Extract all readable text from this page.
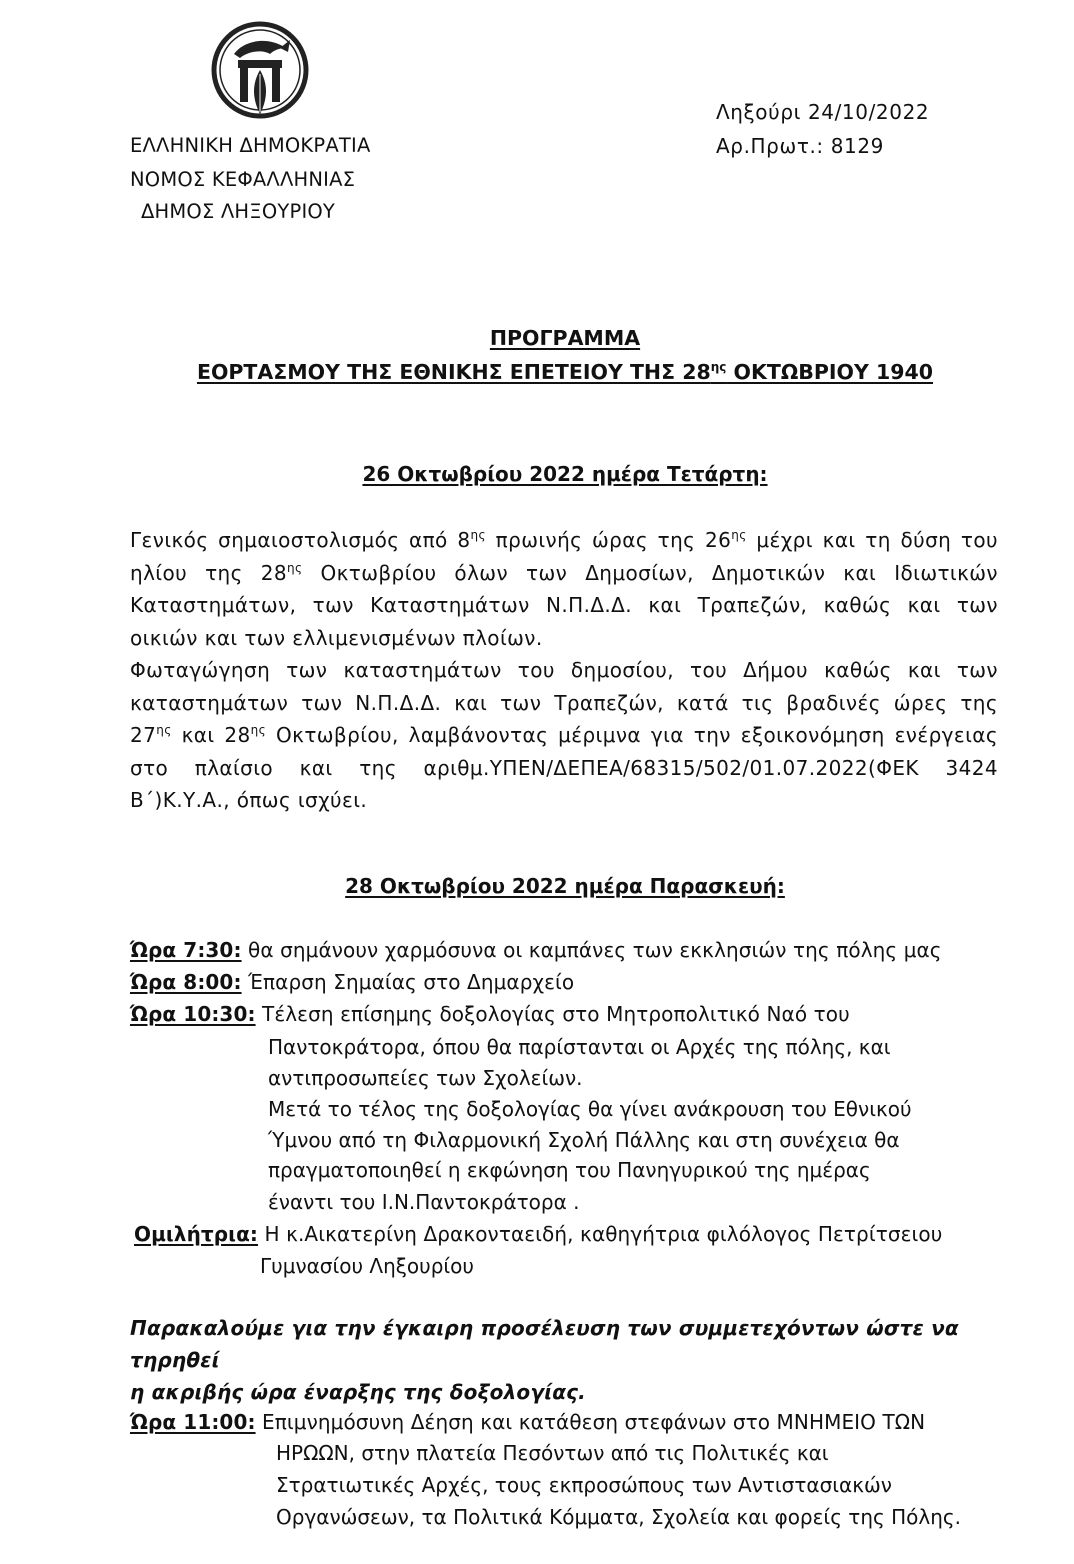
ΕΛΛΗΝΙΚΗ ΔΗΜΟΚΡΑΤΙΑ
ΝΟΜΟΣ ΚΕΦΑΛΛΗΝΙΑΣ
ΔΗΜΟΣ ΛΗΞΟΥΡΙΟΥ
Ληξούρι 24/10/2022
Αρ.Πρωτ.: 8129
ΠΡΟΓΡΑΜΜΑ
ΕΟΡΤΑΣΜΟΥ ΤΗΣ ΕΘΝΙΚΗΣ ΕΠΕΤΕΙΟΥ ΤΗΣ $28^{\eta\varsigma}$ ΟΚΤΩΒΡΙΟΥ 1940
26 Οκτωβρίου 2022 ημέρα Τετάρτη:
Γενικός σημαιοστολισμός από $8^{\eta\varsigma}$ πρωινής ώρας της $26^{\eta\varsigma}$ μέχρι και τη δύση του
ηλίου της $28^{\eta\varsigma}$ Οκτωβρίου όλων των Δημοσίων, Δημοτικών και Ιδιωτικών
Καταστημάτων, των Καταστημάτων Ν.Π.Δ.Δ. και Τραπεζών, καθώς και των
οικιών και των ελλιμενισμένων πλοίων.
Φωταγώγηση των καταστημάτων του δημοσίου, του Δήμου καθώς και των
καταστημάτων των Ν.Π.Δ.Δ. και των Τραπεζών, κατά τις βραδινές ώρες της
$27^{\eta\varsigma}$ και $28^{\eta\varsigma}$ Οκτωβρίου, λαμβάνοντας μέριμνα για την εξοικονόμηση ενέργειας
στο πλαίσιο και της αριθμ.ΥΠΕΝ/ΔΕΠΕΑ/68315/502/01.07.2022(ΦΕΚ 3424
Β΄)Κ.Υ.Α., όπως ισχύει.
28 Οκτωβρίου 2022 ημέρα Παρασκευή:
Ώρα 7:30: θα σημάνουν χαρμόσυνα οι καμπάνες των εκκλησιών της πόλης μας
Ώρα 8:00: Έπαρση Σημαίας στο Δημαρχείο
Ώρα 10:30: Τέλεση επίσημης δοξολογίας στο Μητροπολιτικό Ναό του
Παντοκράτορα, όπου θα παρίστανται οι Αρχές της πόλης, και
αντιπροσωπείες των Σχολείων.
Μετά το τέλος της δοξολογίας θα γίνει ανάκρουση του Εθνικού
Ύμνου από τη Φιλαρμονική Σχολή Πάλλης και στη συνέχεια θα
πραγματοποιηθεί η εκφώνηση του Πανηγυρικού της ημέρας
έναντι του Ι.Ν.Παντοκράτορα .
Ομιλήτρια: Η κ.Αικατερίνη Δρακονταειδή, καθηγήτρια φιλόλογος Πετρίτσειου
Γυμνασίου Ληξουρίου
Παρακαλούμε για την έγκαιρη προσέλευση των συμμετεχόντων ώστε να τηρηθεί
η ακριβής ώρα έναρξης της δοξολογίας.
Ώρα 11:00: Επιμνημόσυνη Δέηση και κατάθεση στεφάνων στο ΜΝΗΜΕΙΟ ΤΩΝ
ΗΡΩΩΝ, στην πλατεία Πεσόντων από τις Πολιτικές και
Στρατιωτικές Αρχές, τους εκπροσώπους των Αντιστασιακών
Οργανώσεων, τα Πολιτικά Κόμματα, Σχολεία και φορείς της Πόλης.
